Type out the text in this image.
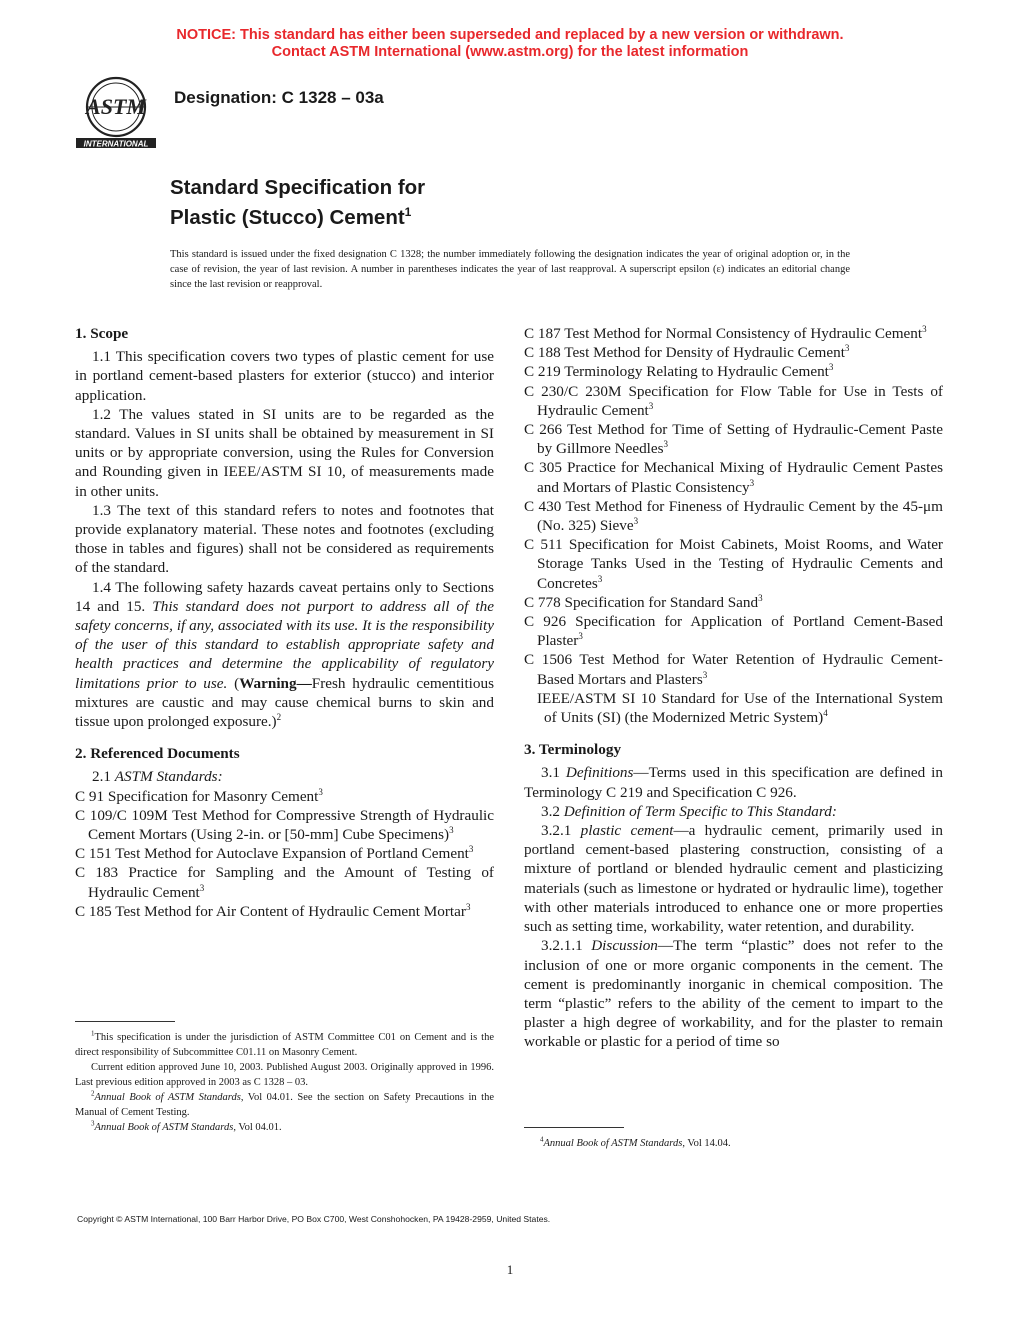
NOTICE: This standard has either been superseded and replaced by a new version or withdrawn.
Contact ASTM International (www.astm.org) for the latest information
ASTM
INTERNATIONAL
Designation: C 1328 – 03a
Standard Specification for
Plastic (Stucco) Cement$^1$
This standard is issued under the fixed designation C 1328; the number immediately following the designation indicates the year of original adoption or, in the case of revision, the year of last revision. A number in parentheses indicates the year of last reapproval. A superscript epsilon (ε) indicates an editorial change since the last revision or reapproval.
1. Scope

1.1 This specification covers two types of plastic cement for use in portland cement-based plasters for exterior (stucco) and interior application.

1.2 The values stated in SI units are to be regarded as the standard. Values in SI units shall be obtained by measurement in SI units or by appropriate conversion, using the Rules for Conversion and Rounding given in IEEE/ASTM SI 10, of measurements made in other units.

1.3 The text of this standard refers to notes and footnotes that provide explanatory material. These notes and footnotes (excluding those in tables and figures) shall not be considered as requirements of the standard.

1.4 The following safety hazards caveat pertains only to Sections 14 and 15. This standard does not purport to address all of the safety concerns, if any, associated with its use. It is the responsibility of the user of this standard to establish appropriate safety and health practices and determine the applicability of regulatory limitations prior to use. (Warning—Fresh hydraulic cementitious mixtures are caustic and may cause chemical burns to skin and tissue upon prolonged exposure.)$^2$

2. Referenced Documents

2.1 ASTM Standards:

C 91 Specification for Masonry Cement$^3$

C 109/C 109M Test Method for Compressive Strength of Hydraulic Cement Mortars (Using 2-in. or [50-mm] Cube Specimens)$^3$

C 151 Test Method for Autoclave Expansion of Portland Cement$^3$

C 183 Practice for Sampling and the Amount of Testing of Hydraulic Cement$^3$

C 185 Test Method for Air Content of Hydraulic Cement Mortar$^3$

$^1$This specification is under the jurisdiction of ASTM Committee C01 on Cement and is the direct responsibility of Subcommittee C01.11 on Masonry Cement.

Current edition approved June 10, 2003. Published August 2003. Originally approved in 1996. Last previous edition approved in 2003 as C 1328 – 03.

$^2$Annual Book of ASTM Standards, Vol 04.01. See the section on Safety Precautions in the Manual of Cement Testing.

$^3$Annual Book of ASTM Standards, Vol 04.01.

C 187 Test Method for Normal Consistency of Hydraulic Cement$^3$

C 188 Test Method for Density of Hydraulic Cement$^3$

C 219 Terminology Relating to Hydraulic Cement$^3$

C 230/C 230M Specification for Flow Table for Use in Tests of Hydraulic Cement$^3$

C 266 Test Method for Time of Setting of Hydraulic-Cement Paste by Gillmore Needles$^3$

C 305 Practice for Mechanical Mixing of Hydraulic Cement Pastes and Mortars of Plastic Consistency$^3$

C 430 Test Method for Fineness of Hydraulic Cement by the 45-μm (No. 325) Sieve$^3$

C 511 Specification for Moist Cabinets, Moist Rooms, and Water Storage Tanks Used in the Testing of Hydraulic Cements and Concretes$^3$

C 778 Specification for Standard Sand$^3$

C 926 Specification for Application of Portland Cement-Based Plaster$^3$

C 1506 Test Method for Water Retention of Hydraulic Cement-Based Mortars and Plasters$^3$

IEEE/ASTM SI 10 Standard for Use of the International System of Units (SI) (the Modernized Metric System)$^4$

3. Terminology

3.1 Definitions—Terms used in this specification are defined in Terminology C 219 and Specification C 926.

3.2 Definition of Term Specific to This Standard:

3.2.1 plastic cement—a hydraulic cement, primarily used in portland cement-based plastering construction, consisting of a mixture of portland or blended hydraulic cement and plasticizing materials (such as limestone or hydrated or hydraulic lime), together with other materials introduced to enhance one or more properties such as setting time, workability, water retention, and durability.

3.2.1.1 Discussion—The term “plastic” does not refer to the inclusion of one or more organic components in the cement. The cement is predominantly inorganic in chemical composition. The term “plastic” refers to the ability of the cement to impart to the plaster a high degree of workability, and for the plaster to remain workable or plastic for a period of time so

$^4$Annual Book of ASTM Standards, Vol 14.04.

Copyright © ASTM International, 100 Barr Harbor Drive, PO Box C700, West Conshohocken, PA 19428-2959, United States.
1
